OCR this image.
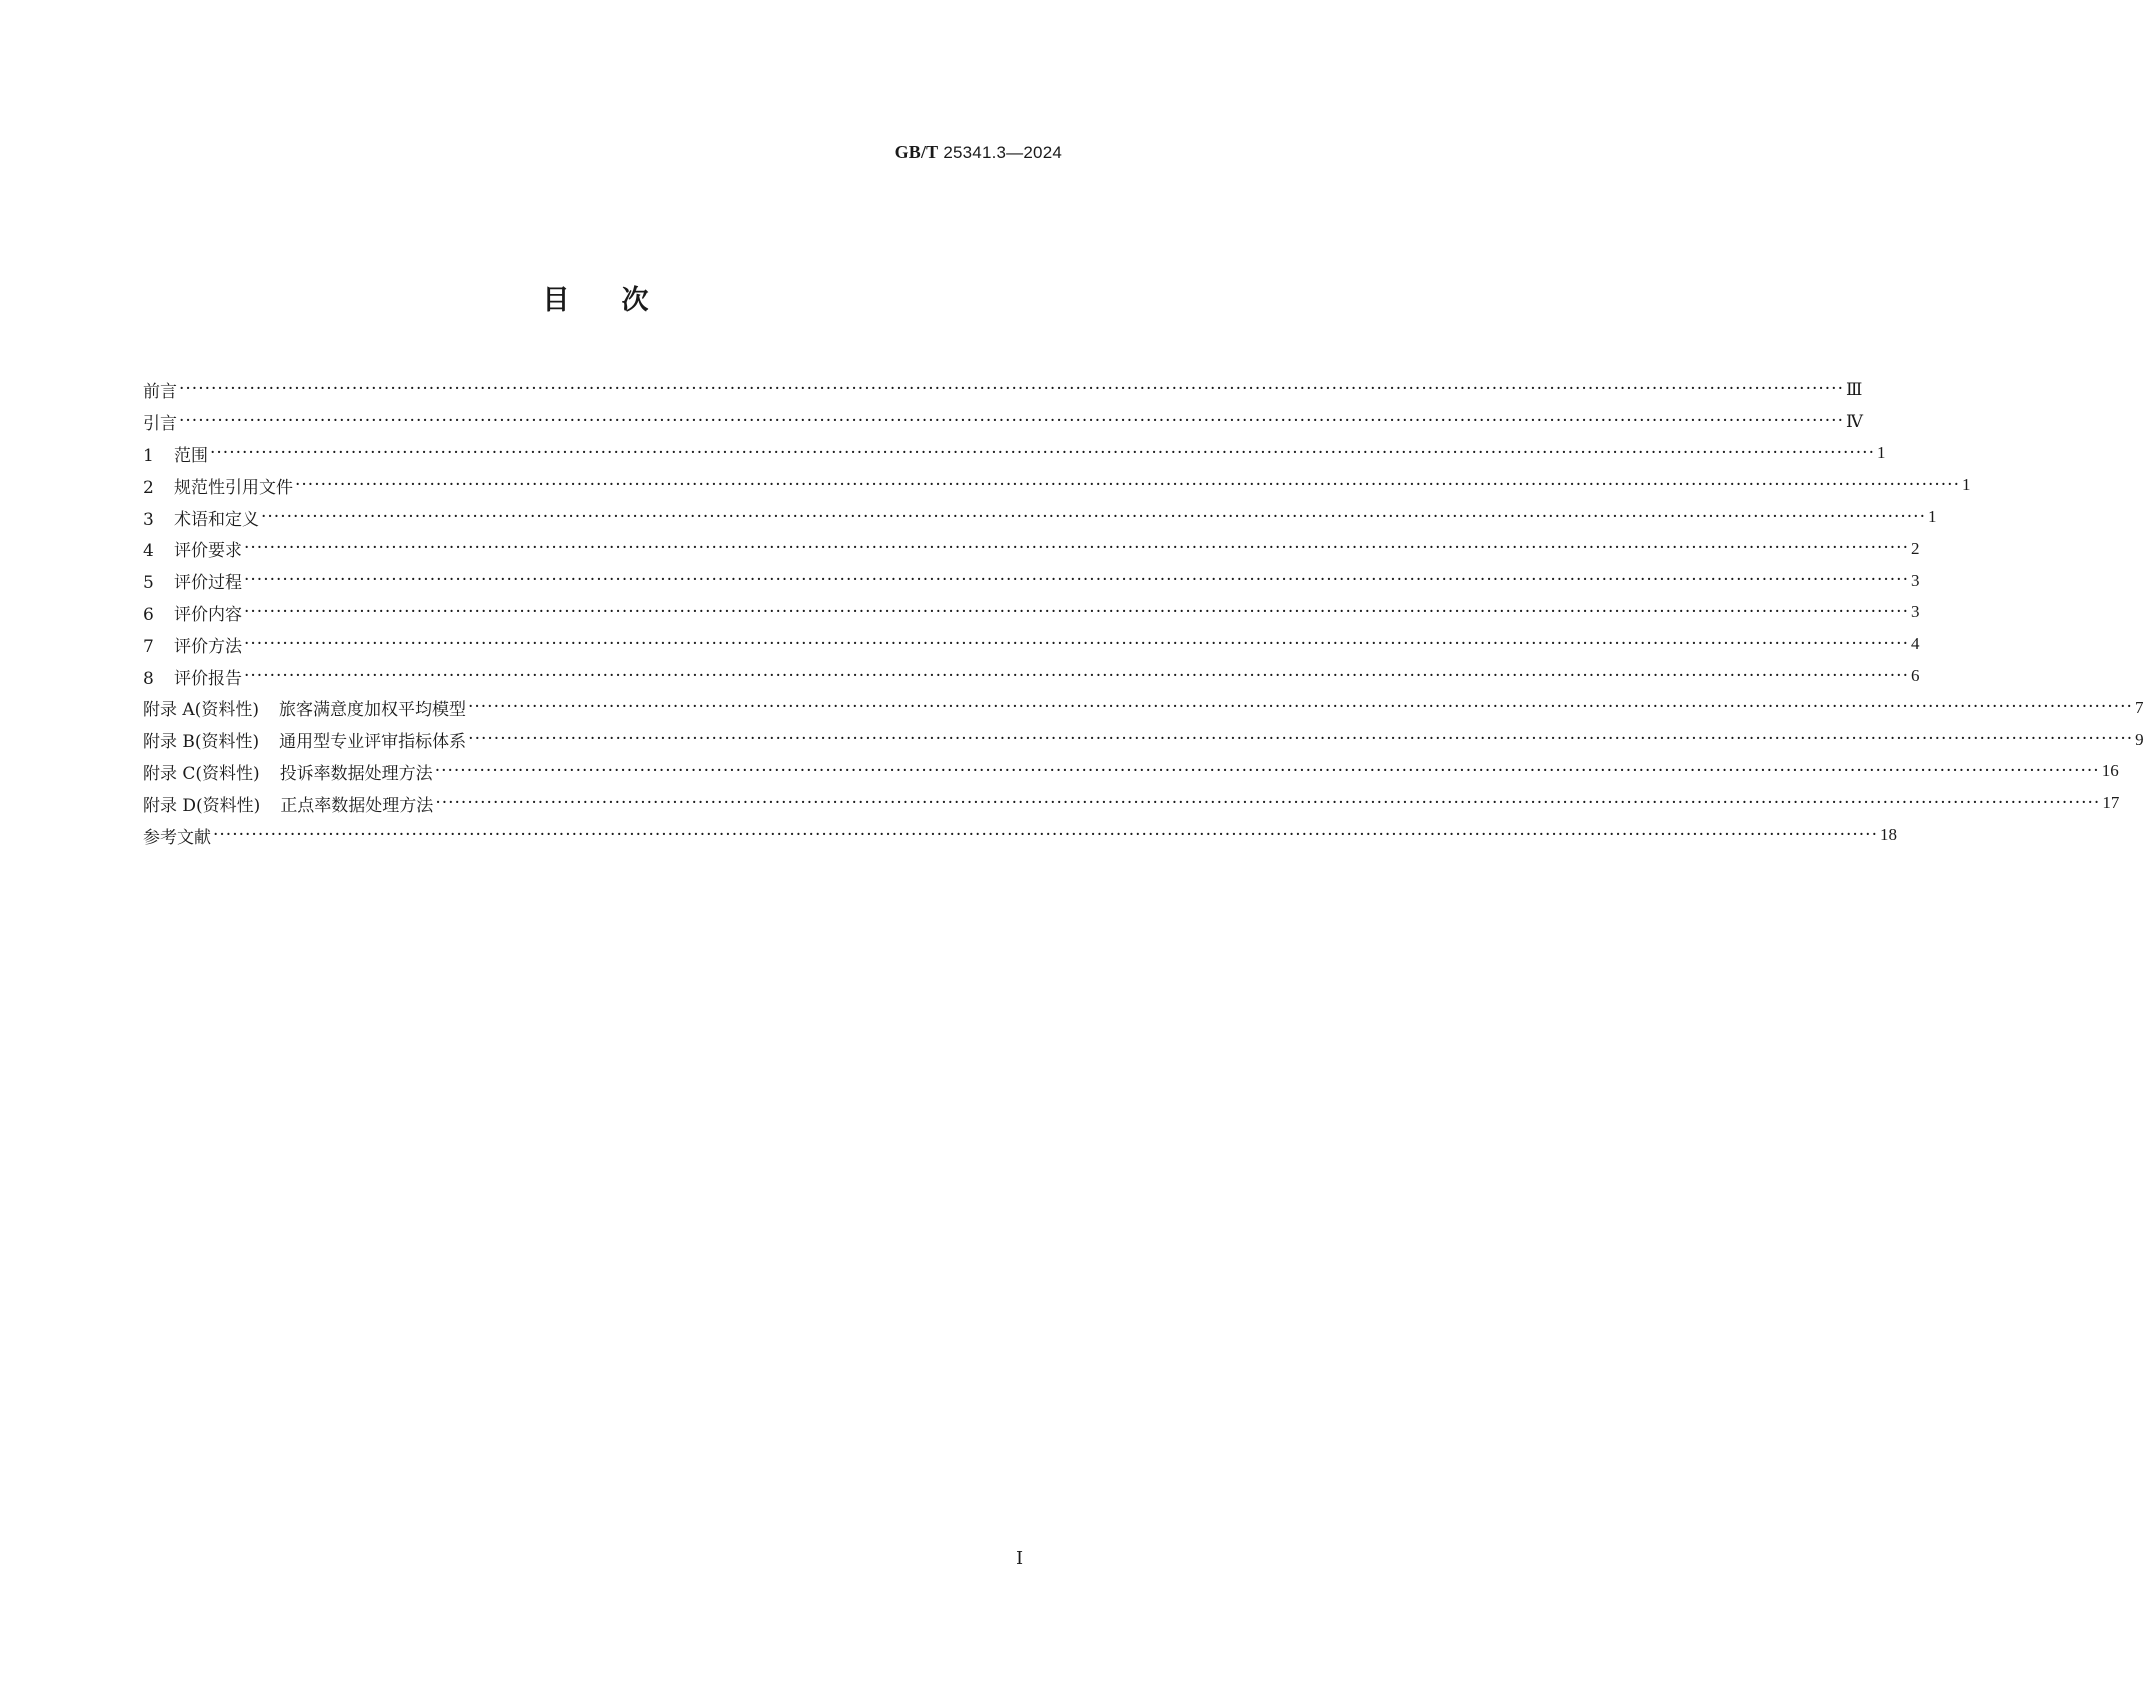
GB/T 25341.3—2024
目次
前言 ···································································································································································································································································· Ⅲ
引言 ···································································································································································································································································· Ⅳ
1 范围 ···································································································································································································································································· 1
2 规范性引用文件 ···································································································································································································································································· 1
3 术语和定义 ···································································································································································································································································· 1
4 评价要求 ···································································································································································································································································· 2
5 评价过程 ···································································································································································································································································· 3
6 评价内容 ···································································································································································································································································· 3
7 评价方法 ···································································································································································································································································· 4
8 评价报告 ···································································································································································································································································· 6
附录 A(资料性) 旅客满意度加权平均模型 ···································································································································································································································································· 7
附录 B(资料性) 通用型专业评审指标体系 ···································································································································································································································································· 9
附录 C(资料性) 投诉率数据处理方法 ···································································································································································································································································· 16
附录 D(资料性) 正点率数据处理方法 ···································································································································································································································································· 17
参考文献 ···································································································································································································································································· 18
Ⅰ
